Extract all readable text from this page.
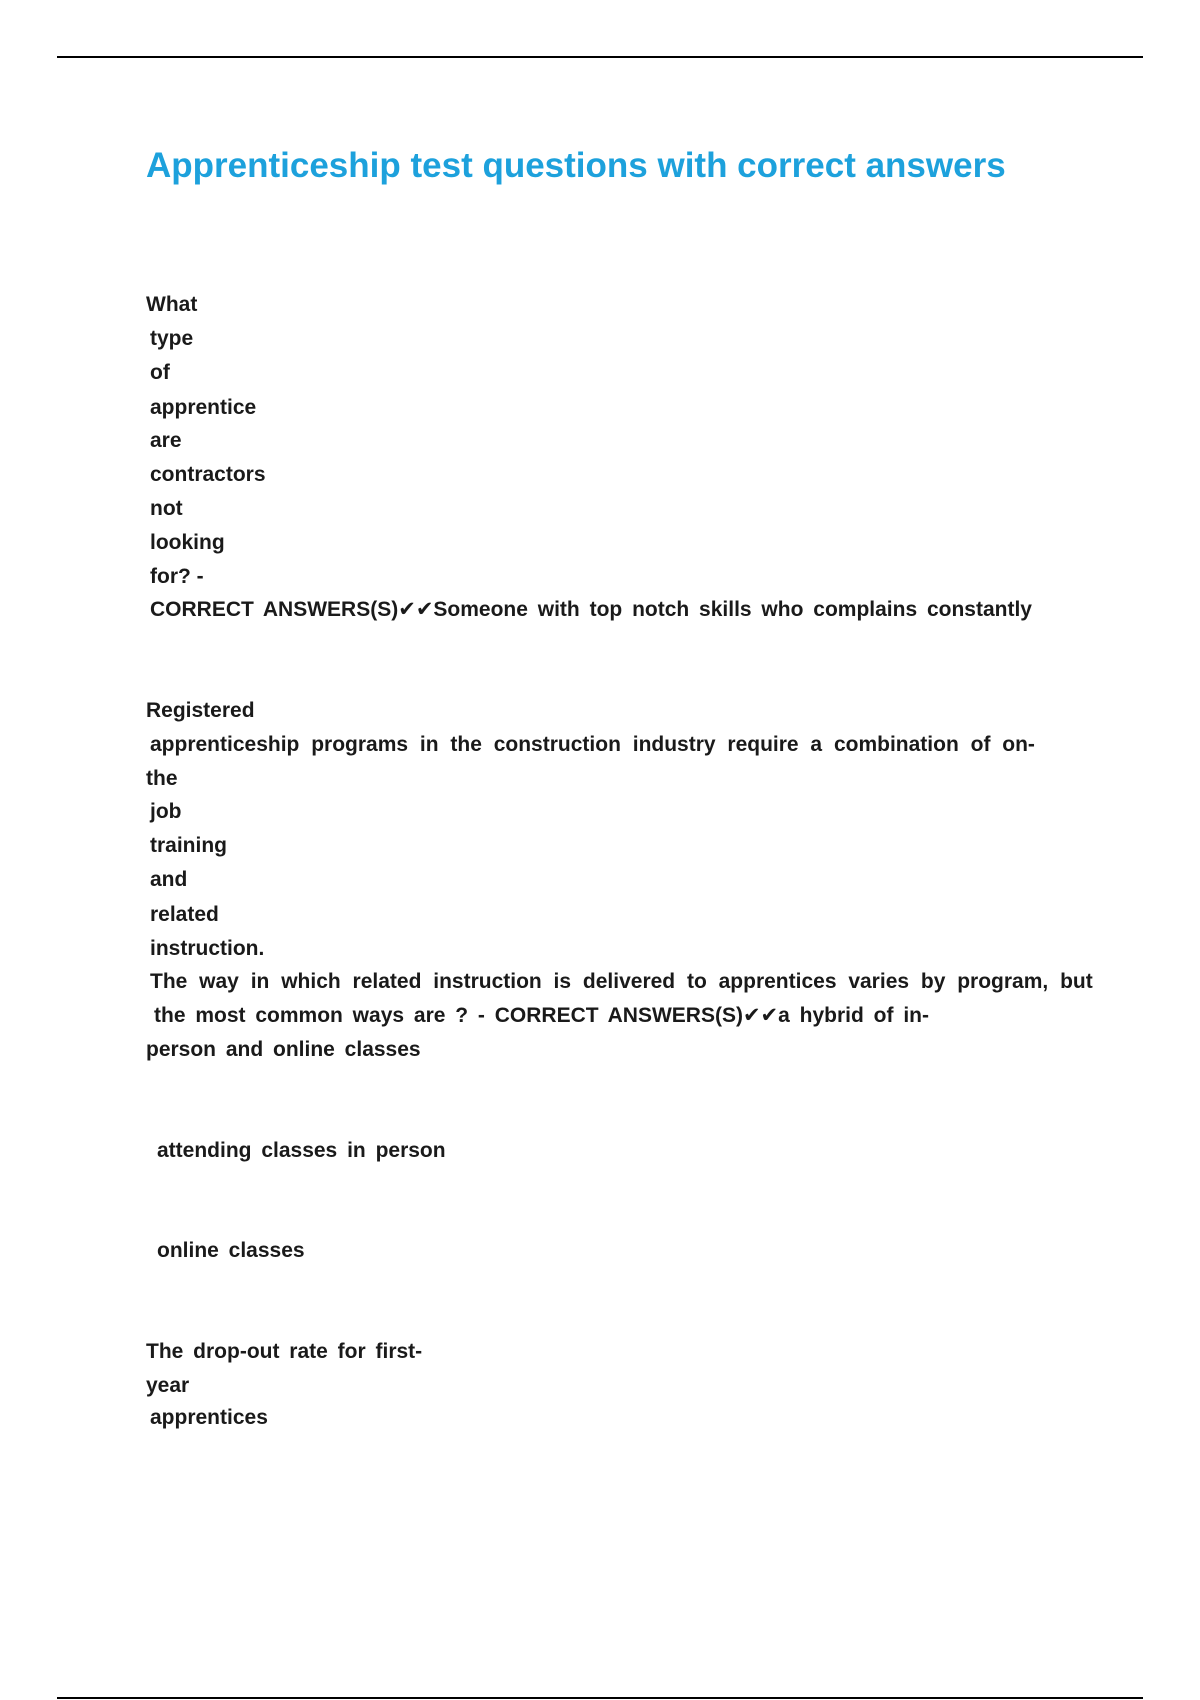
Apprenticeship test questions with correct answers
What
type
of
apprentice
are
contractors
not
looking
for? -
CORRECT ANSWERS(S)✔✔Someone with top notch skills who complains constantly
Registered
apprenticeship programs in the construction industry require a combination of on-
the
job
training
and
related
instruction.
The way in which related instruction is delivered to apprentices varies by program, but
the most common ways are ? - CORRECT ANSWERS(S)✔✔a hybrid of in-
person and online classes
attending classes in person
online classes
The drop-out rate for first-
year
apprentices
